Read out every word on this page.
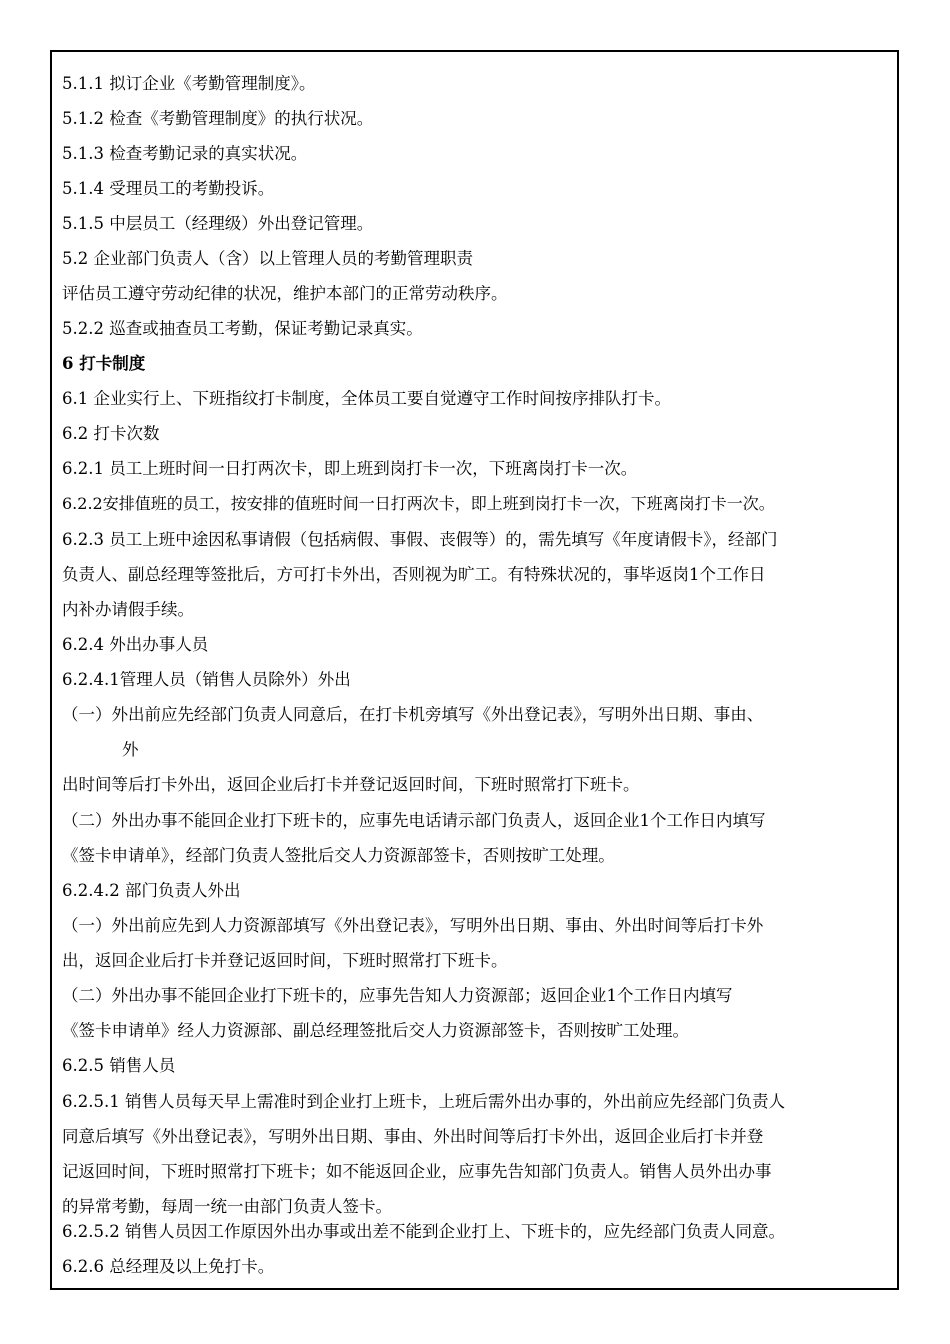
5.1.1 拟订企业《考勤管理制度》。
5.1.2 检查《考勤管理制度》的执行状况。
5.1.3 检查考勤记录的真实状况。
5.1.4 受理员工的考勤投诉。
5.1.5 中层员工（经理级）外出登记管理。
5.2 企业部门负责人（含）以上管理人员的考勤管理职责
评估员工遵守劳动纪律的状况，维护本部门的正常劳动秩序。
5.2.2 巡查或抽查员工考勤，保证考勤记录真实。
6 打卡制度
6.1 企业实行上、下班指纹打卡制度，全体员工要自觉遵守工作时间按序排队打卡。
6.2 打卡次数
6.2.1 员工上班时间一日打两次卡，即上班到岗打卡一次，下班离岗打卡一次。
6.2.2安排值班的员工，按安排的值班时间一日打两次卡，即上班到岗打卡一次，下班离岗打卡一次。
6.2.3 员工上班中途因私事请假（包括病假、事假、丧假等）的，需先填写《年度请假卡》，经部门
负责人、副总经理等签批后，方可打卡外出，否则视为旷工。有特殊状况的，事毕返岗1个工作日
内补办请假手续。
6.2.4 外出办事人员
6.2.4.1管理人员（销售人员除外）外出
（一）外出前应先经部门负责人同意后，在打卡机旁填写《外出登记表》，写明外出日期、事由、
外
出时间等后打卡外出，返回企业后打卡并登记返回时间，下班时照常打下班卡。
（二）外出办事不能回企业打下班卡的，应事先电话请示部门负责人，返回企业1个工作日内填写
《签卡申请单》，经部门负责人签批后交人力资源部签卡，否则按旷工处理。
6.2.4.2 部门负责人外出
（一）外出前应先到人力资源部填写《外出登记表》，写明外出日期、事由、外出时间等后打卡外
出，返回企业后打卡并登记返回时间，下班时照常打下班卡。
（二）外出办事不能回企业打下班卡的，应事先告知人力资源部；返回企业1个工作日内填写
《签卡申请单》经人力资源部、副总经理签批后交人力资源部签卡，否则按旷工处理。
6.2.5 销售人员
6.2.5.1 销售人员每天早上需准时到企业打上班卡，上班后需外出办事的，外出前应先经部门负责人
同意后填写《外出登记表》，写明外出日期、事由、外出时间等后打卡外出，返回企业后打卡并登
记返回时间，下班时照常打下班卡；如不能返回企业，应事先告知部门负责人。销售人员外出办事
的异常考勤，每周一统一由部门负责人签卡。
6.2.5.2 销售人员因工作原因外出办事或出差不能到企业打上、下班卡的，应先经部门负责人同意。
6.2.6 总经理及以上免打卡。
